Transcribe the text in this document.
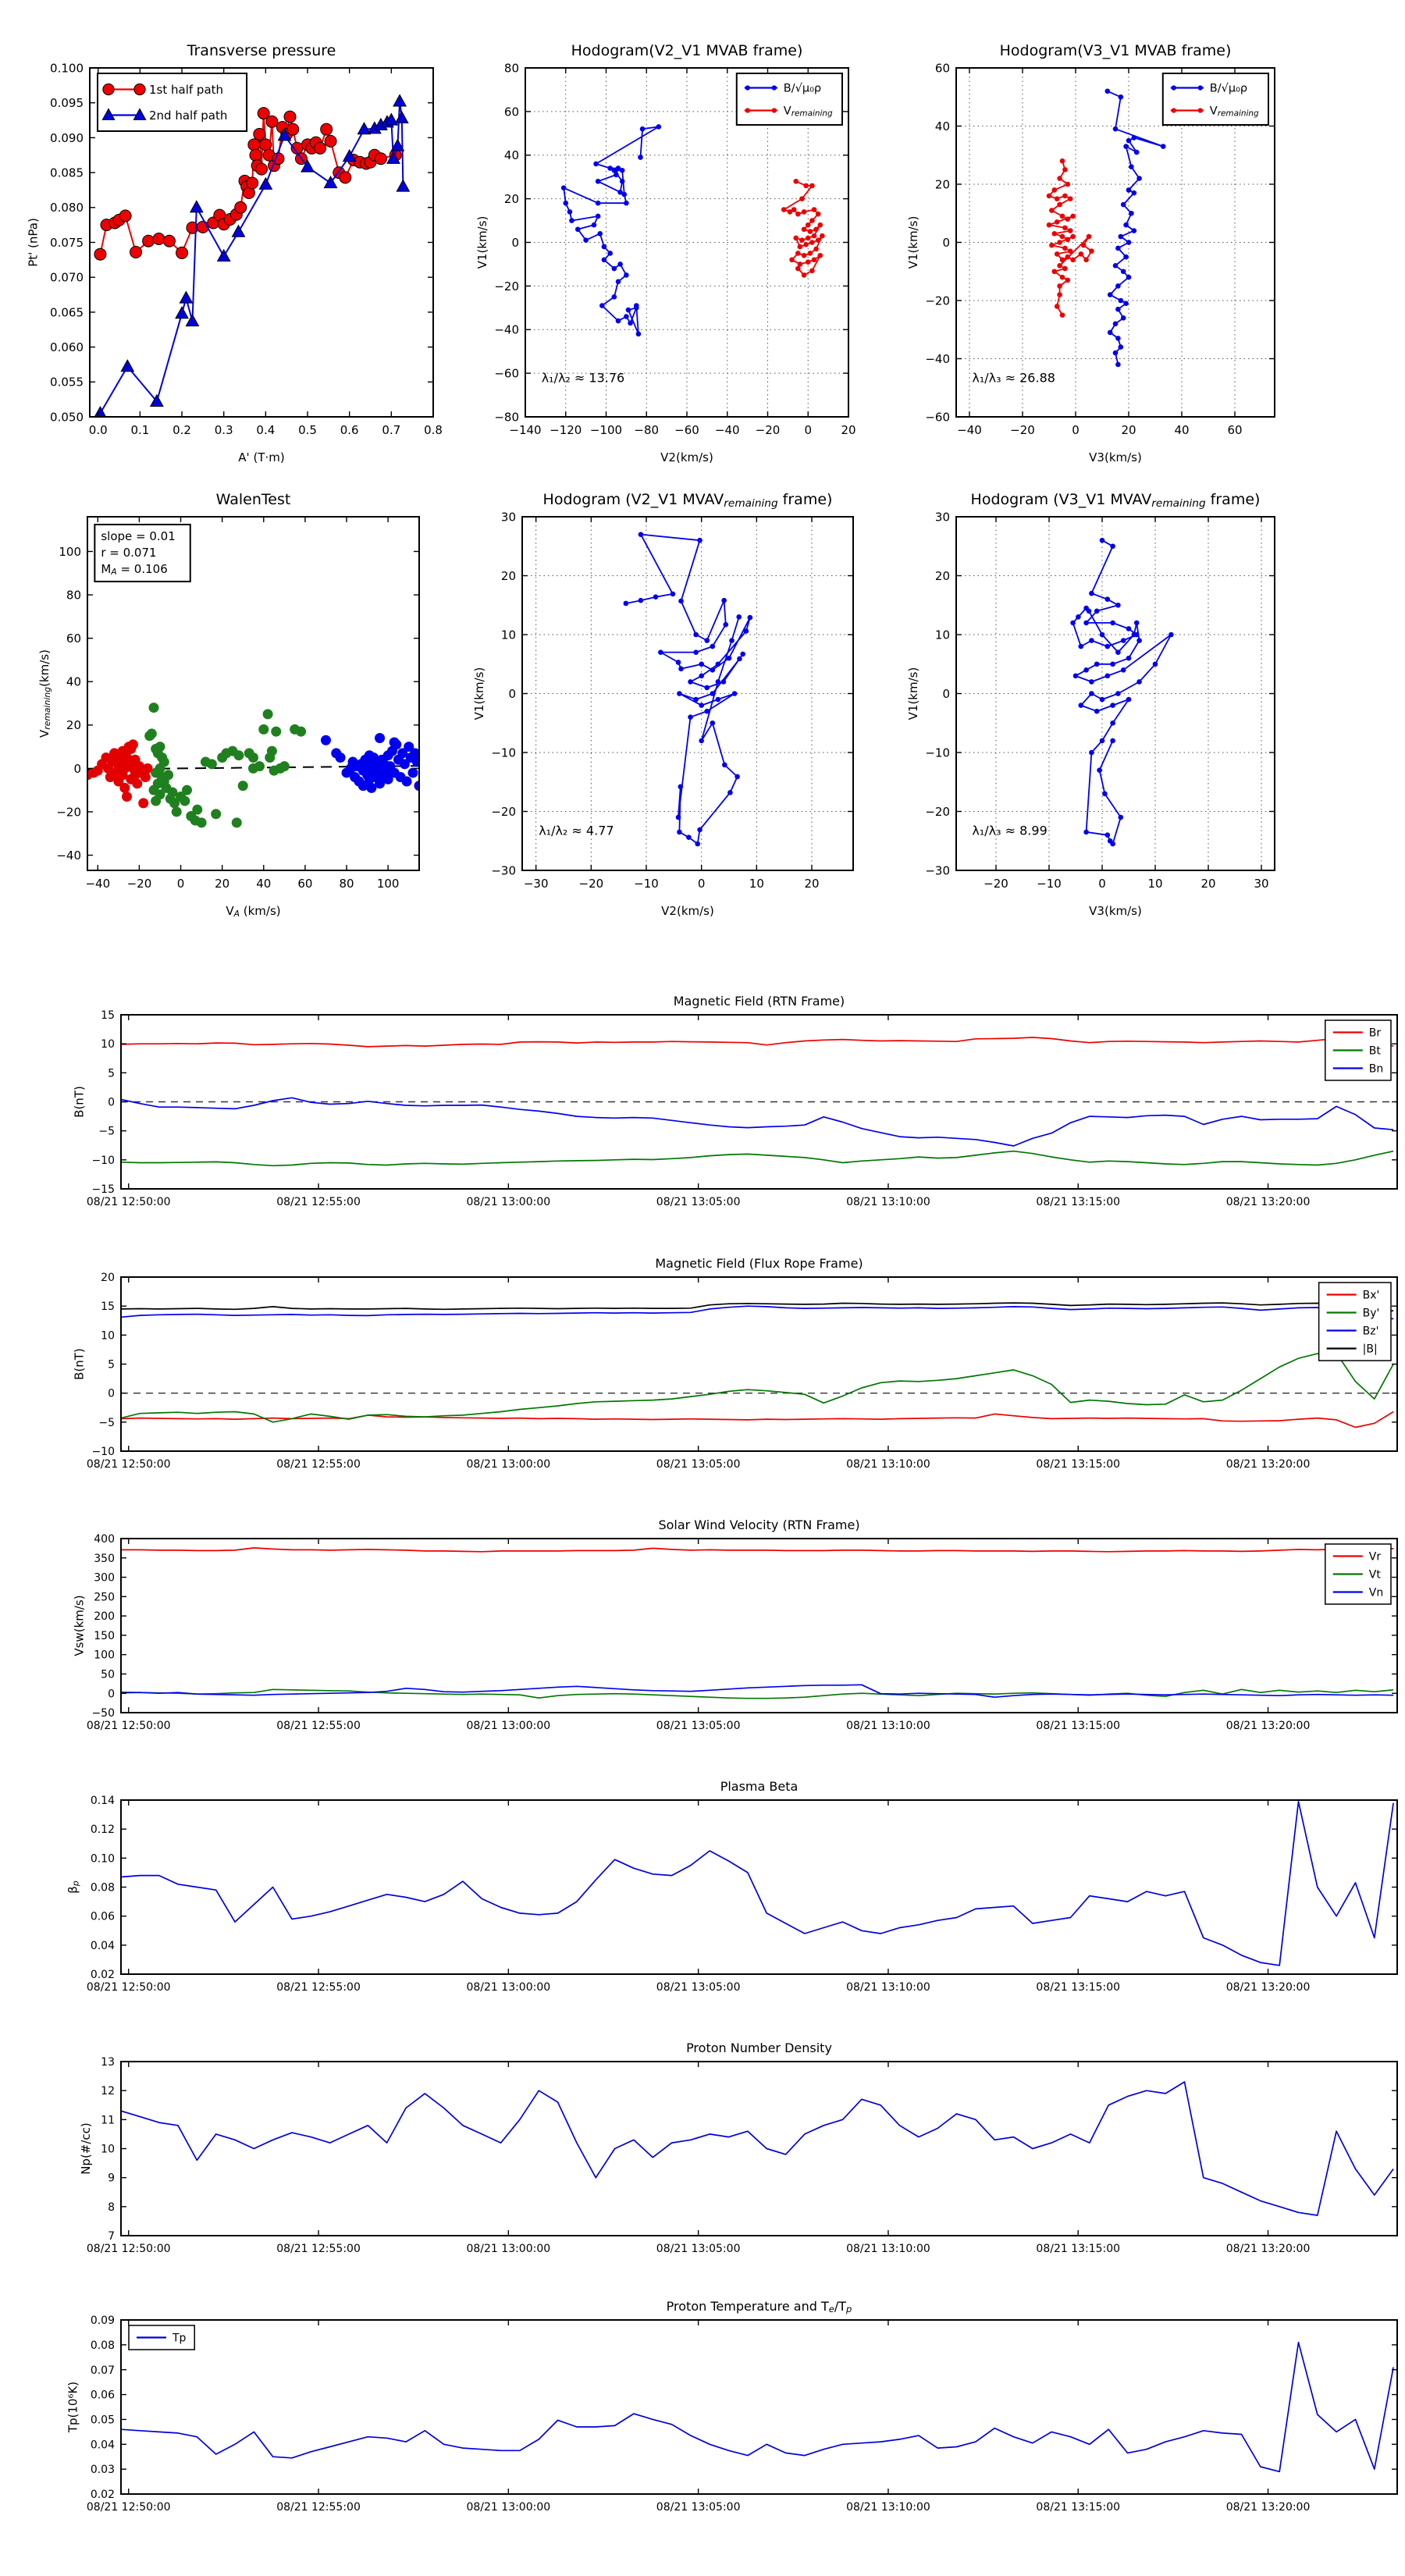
0.0 0.1 0.2 0.3 0.4 0.5 0.6 0.7 0.8
0.050
0.055
0.060
0.065
0.070
0.075
0.080
0.085
0.090
0.095
0.100
Transverse pressure
A' (T·m)
Pt' (nPa)
1st half path
2nd half path
−140 −120 −100 −80 −60 −40 −20 0 20
−80
−60
−40
−20
0
20
40
60
80
Hodogram(V2_V1 MVAB frame)
V2(km/s)
V1(km/s)
B/√μ₀ρ
Vremaining
λ₁/λ₂ ≈ 13.76
−40 −20	0	20	40	60
−60
−40
−20
0
20
40
60
Hodogram(V3_V1 MVAB frame)
V3(km/s)
V1(km/s)
B/√μ₀ρ
Vremaining
λ₁/λ₃ ≈ 26.88
−40 −20 0	20 40 60 80 100
−40
−20
0
20
40
60
80
100
WalenTest
VA (km/s)
Vremaining(km/s)
slope = 0.01
r = 0.071
MA = 0.106
−30	−20	−10	0	10	20
−30
−20
−10
0
10
20
30
Hodogram (V2_V1 MVAVremaining frame)
V2(km/s)
V1(km/s)
λ₁/λ₂ ≈ 4.77
−20 −10	0	10	20	30
−30
−20
−10
0
10
20
30
Hodogram (V3_V1 MVAVremaining frame)
V3(km/s)
V1(km/s)
λ₁/λ₃ ≈ 8.99
08/21 12:50:00	08/21 12:55:00	08/21 13:00:00	08/21 13:05:00	08/21 13:10:00	08/21 13:15:00	08/21 13:20:00
−15
−10
−5
0
5
10
15
Magnetic Field (RTN Frame)
B(nT)
Br
Bt
Bn
08/21 12:50:00	08/21 12:55:00	08/21 13:00:00	08/21 13:05:00	08/21 13:10:00	08/21 13:15:00	08/21 13:20:00
−10
−5
0
5
10
15
20
Magnetic Field (Flux Rope Frame)
B(nT)
Bx'
By'
Bz'
|B|
08/21 12:50:00	08/21 12:55:00	08/21 13:00:00	08/21 13:05:00	08/21 13:10:00	08/21 13:15:00	08/21 13:20:00
−50
0
50
100
150
200
250
300
350
400
Solar Wind Velocity (RTN Frame)
Vsw(km/s)
Vr
Vt
Vn
08/21 12:50:00	08/21 12:55:00	08/21 13:00:00	08/21 13:05:00	08/21 13:10:00	08/21 13:15:00	08/21 13:20:00
0.02
0.04
0.06
0.08
0.10
0.12
0.14
Plasma Beta
βp
08/21 12:50:00	08/21 12:55:00	08/21 13:00:00	08/21 13:05:00	08/21 13:10:00	08/21 13:15:00	08/21 13:20:00
7
8
9
10
11
12
13
Proton Number Density
Np(#/cc)
08/21 12:50:00	08/21 12:55:00	08/21 13:00:00	08/21 13:05:00	08/21 13:10:00	08/21 13:15:00	08/21 13:20:00
0.02
0.03
0.04
0.05
0.06
0.07
0.08
0.09
Proton Temperature and Te/Tp
Tp(10⁶K)
Tp
